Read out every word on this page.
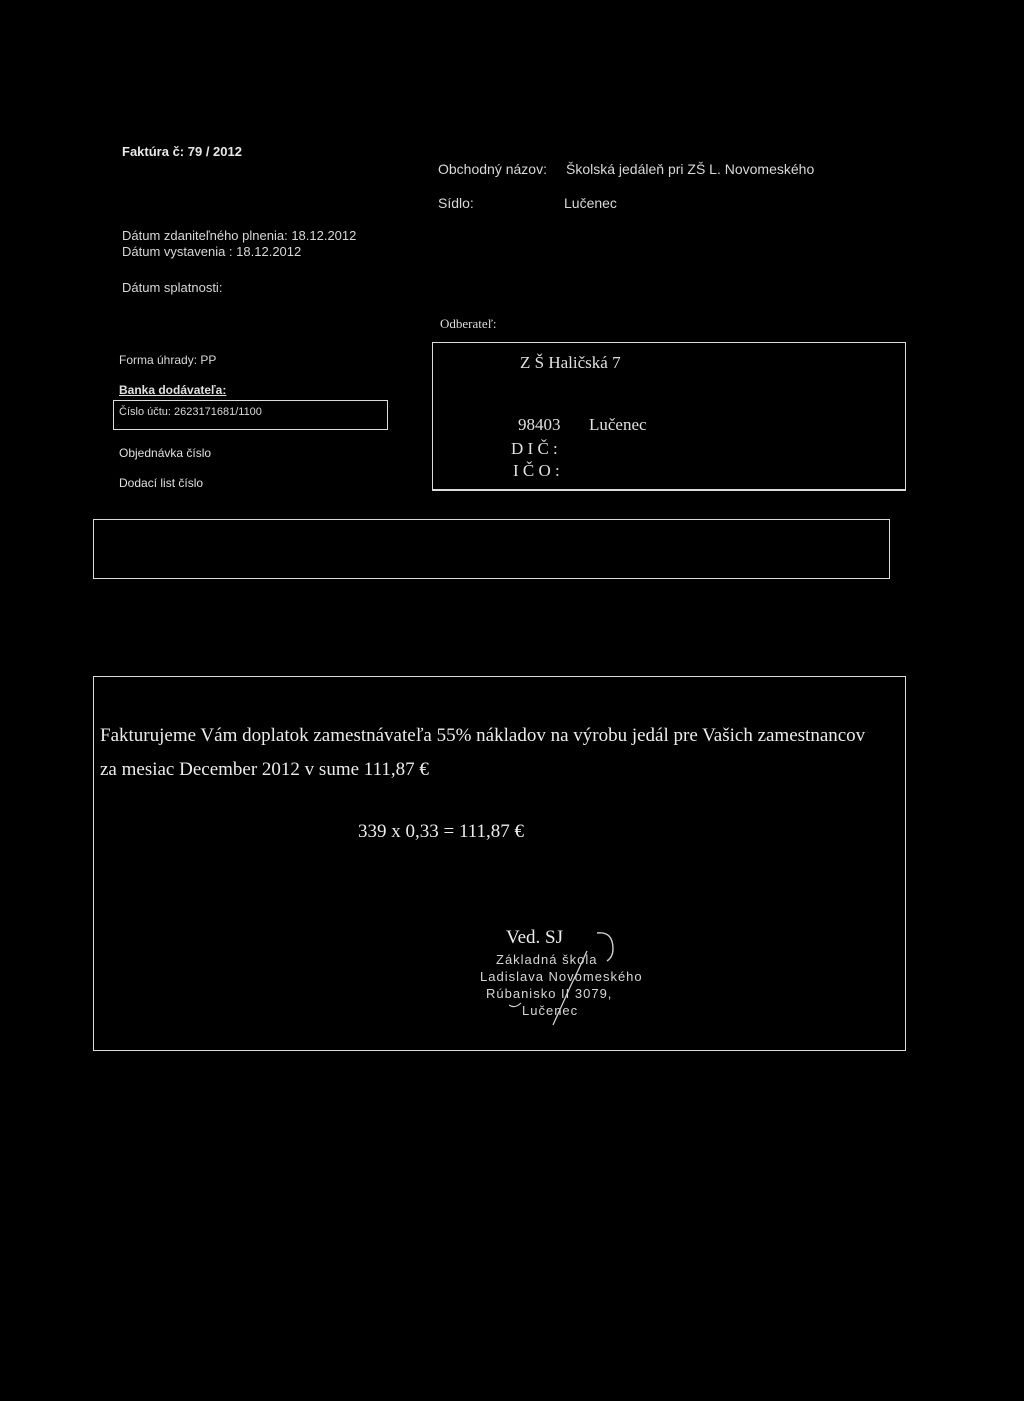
Faktúra č: 79 / 2012
Obchodný názov: Školská jedáleň pri ZŠ L. Novomeského
Sídlo:	Lučenec
Dátum zdaniteľného plnenia: 18.12.2012
Dátum vystavenia : 18.12.2012
Dátum splatnosti:
Odberateľ:
Forma úhrady: PP
Banka dodávateľa:
Číslo účtu: 2623171681/1100
Objednávka číslo
Dodací list číslo
Z Š Haličská 7
98403 Lučenec
D I Č :
I Č O :
Fakturujeme Vám doplatok zamestnávateľa 55% nákladov na výrobu jedál pre Vašich zamestnancov
za mesiac December 2012 v sume 111,87 €
339 x 0,33 = 111,87 €
Ved. SJ
Základná škola
Ladislava Novomeského
Rúbanisko II 3079,
Lučenec
